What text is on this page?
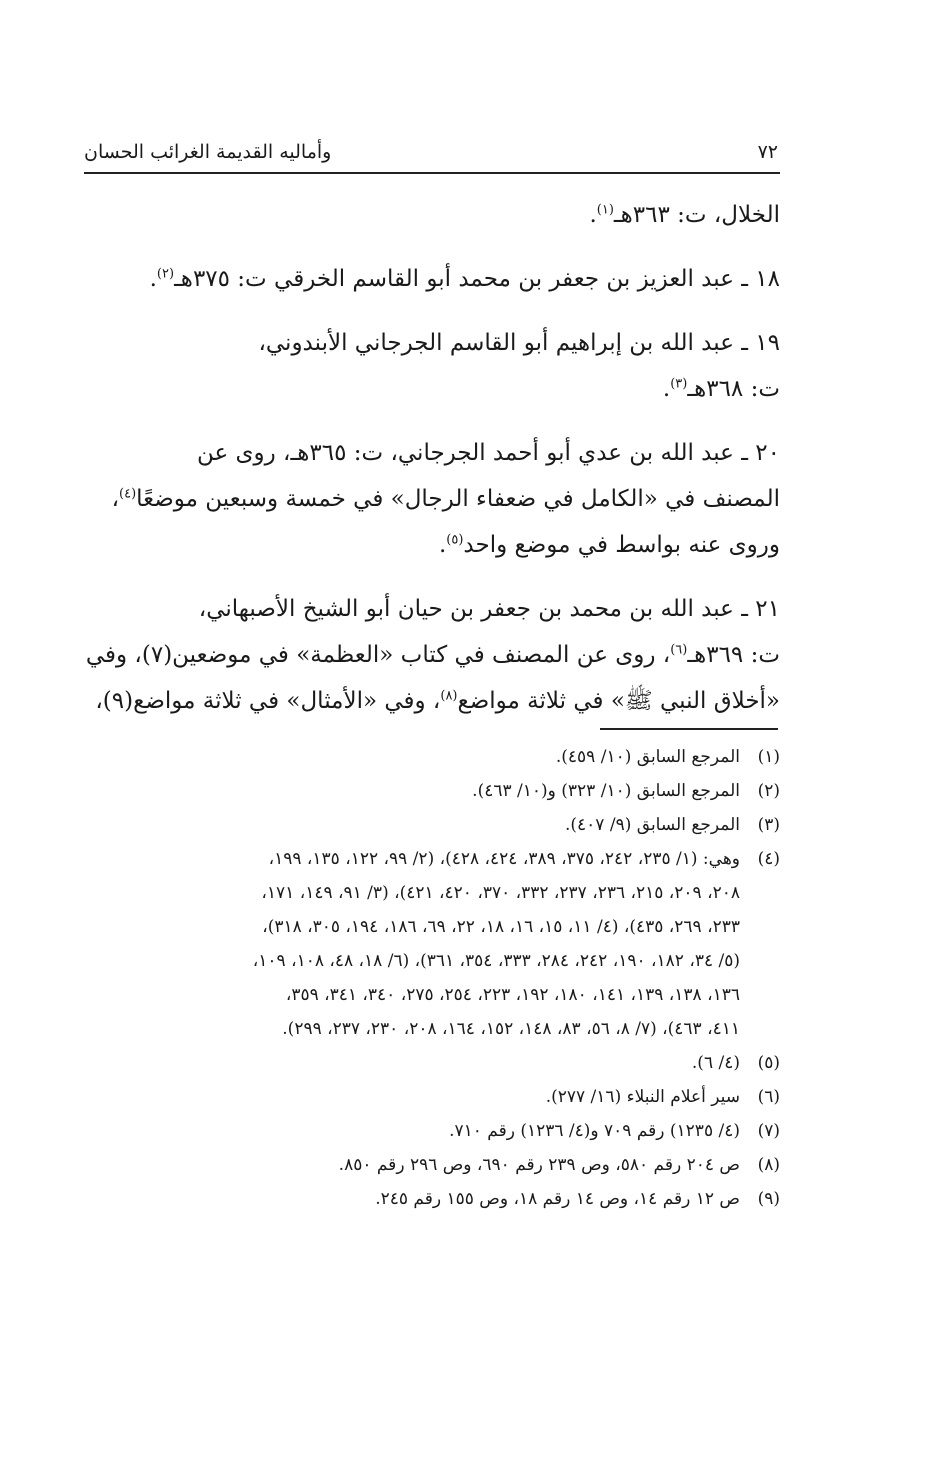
٧٢
وأماليه القديمة الغرائب الحسان

الخلال، ت: ٣٦٣هـ$^{(١)}$.

١٨ ـ عبد العزيز بن جعفر بن محمد أبو القاسم الخرقي ت: ٣٧٥هـ$^{(٢)}$.

١٩ ـ عبد الله بن إبراهيم أبو القاسم الجرجاني الأبندوني،
ت: ٣٦٨هـ$^{(٣)}$.

٢٠ ـ عبد الله بن عدي أبو أحمد الجرجاني، ت: ٣٦٥هـ، روى عن
المصنف في «الكامل في ضعفاء الرجال» في خمسة وسبعين موضعًا$^{(٤)}$،
وروى عنه بواسط في موضع واحد$^{(٥)}$.

٢١ ـ عبد الله بن محمد بن جعفر بن حيان أبو الشيخ الأصبهاني،
ت: ٣٦٩هـ$^{(٦)}$، روى عن المصنف في كتاب «العظمة» في موضعين(٧)، وفي
«أخلاق النبي ﷺ» في ثلاثة مواضع$^{(٨)}$، وفي «الأمثال» في ثلاثة مواضع(٩)،

(١)
المرجع السابق (١٠/ ٤٥٩).
(٢)
المرجع السابق (١٠/ ٣٢٣) و(١٠/ ٤٦٣).
(٣)
المرجع السابق (٩/ ٤٠٧).
(٤)
وهي: (١/ ٢٣٥، ٢٤٢، ٣٧٥، ٣٨٩، ٤٢٤، ٤٢٨)، (٢/ ٩٩، ١٢٢، ١٣٥، ١٩٩،
٢٠٨، ٢٠٩، ٢١٥، ٢٣٦، ٢٣٧، ٣٣٢، ٣٧٠، ٤٢٠، ٤٢١)، (٣/ ٩١، ١٤٩، ١٧١،
٢٣٣، ٢٦٩، ٤٣٥)، (٤/ ١١، ١٥، ١٦، ١٨، ٢٢، ٦٩، ١٨٦، ١٩٤، ٣٠٥، ٣١٨)،
(٥/ ٣٤، ١٨٢، ١٩٠، ٢٤٢، ٢٨٤، ٣٣٣، ٣٥٤، ٣٦١)، (٦/ ١٨، ٤٨، ١٠٨، ١٠٩،
١٣٦، ١٣٨، ١٣٩، ١٤١، ١٨٠، ١٩٢، ٢٢٣، ٢٥٤، ٢٧٥، ٣٤٠، ٣٤١، ٣٥٩،
٤١١، ٤٦٣)، (٧/ ٨، ٥٦، ٨٣، ١٤٨، ١٥٢، ١٦٤، ٢٠٨، ٢٣٠، ٢٣٧، ٢٩٩).
(٥)
(٤/ ٦).
(٦)
سير أعلام النبلاء (١٦/ ٢٧٧).
(٧)
(٤/ ١٢٣٥) رقم ٧٠٩ و(٤/ ١٢٣٦) رقم ٧١٠.
(٨)
ص ٢٠٤ رقم ٥٨٠، وص ٢٣٩ رقم ٦٩٠، وص ٢٩٦ رقم ٨٥٠.
(٩)
ص ١٢ رقم ١٤، وص ١٤ رقم ١٨، وص ١٥٥ رقم ٢٤٥.
